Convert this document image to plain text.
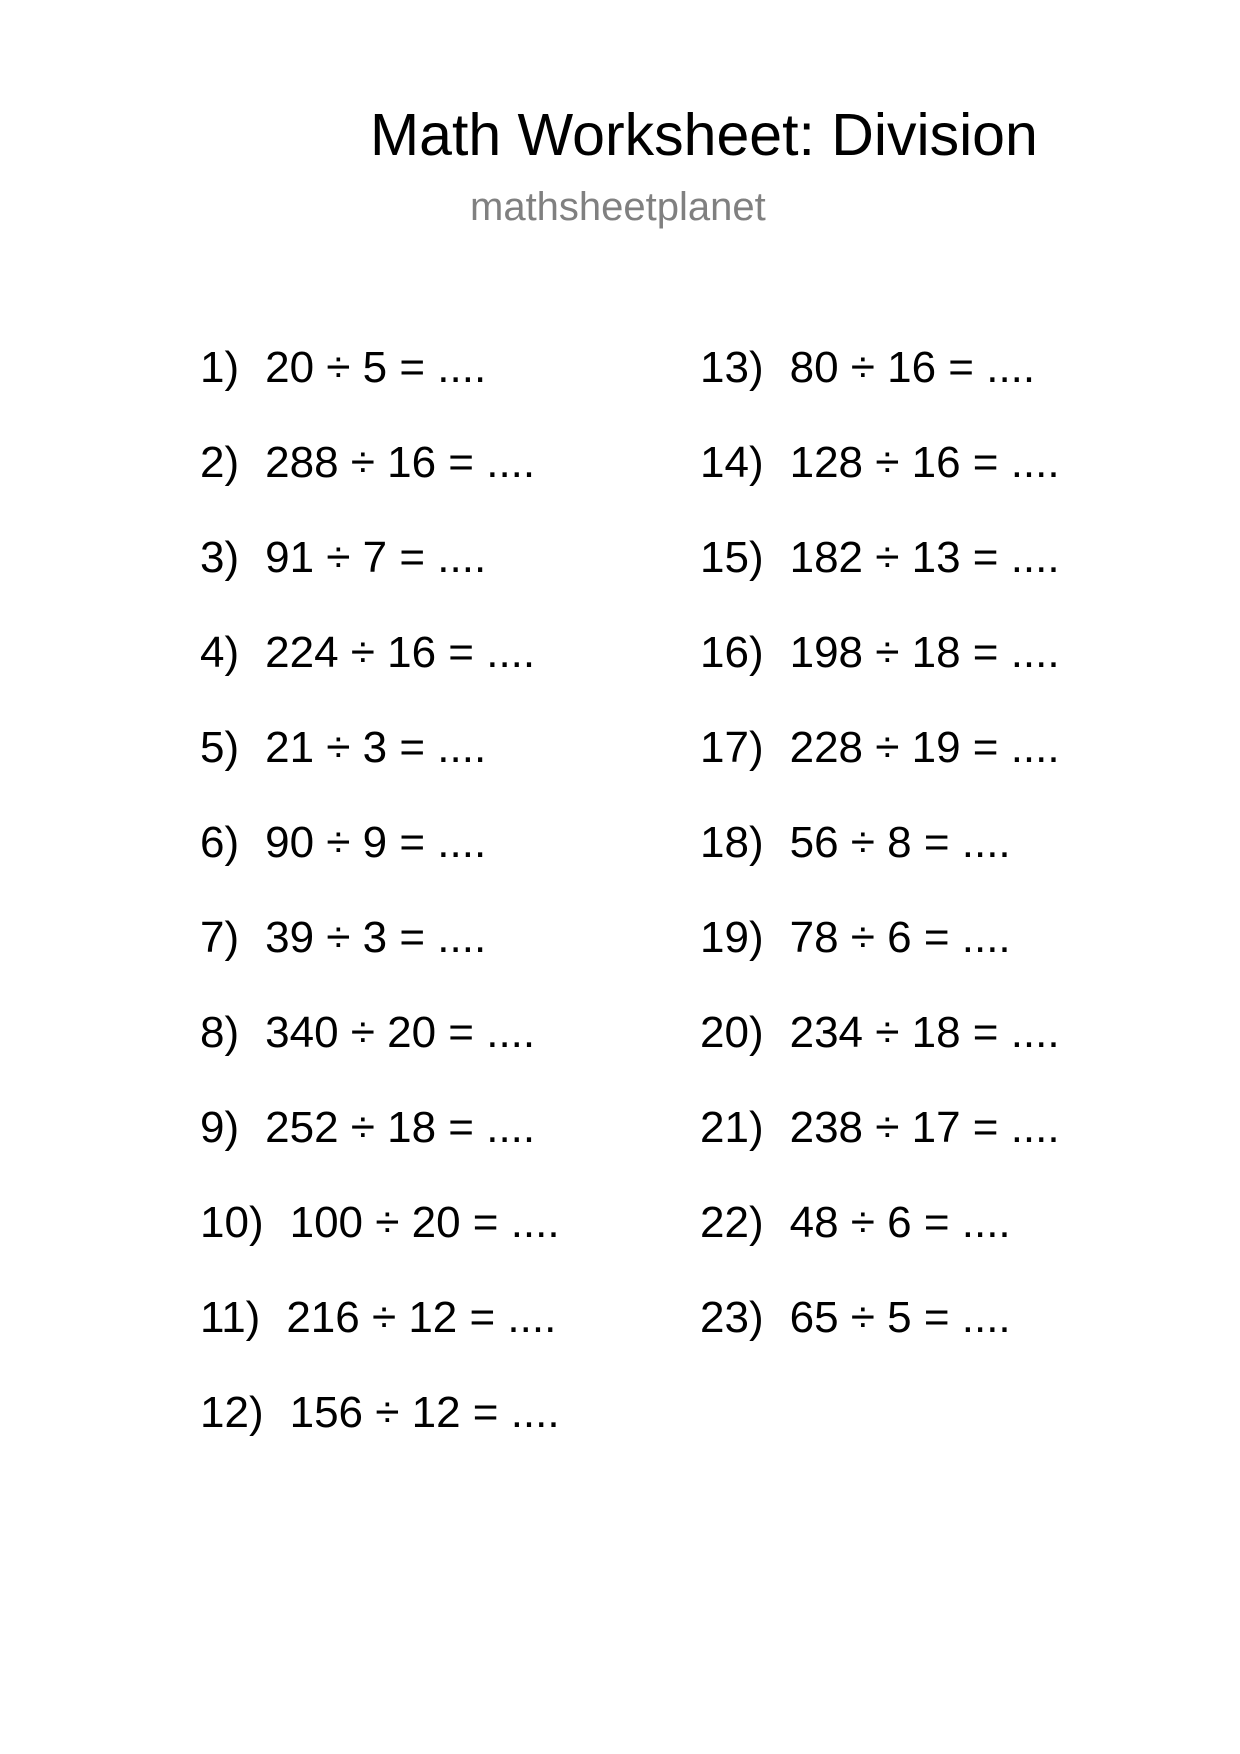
Math Worksheet: Division
mathsheetplanet
1) 20 ÷ 5 = ....
2) 288 ÷ 16 = ....
3) 91 ÷ 7 = ....
4) 224 ÷ 16 = ....
5) 21 ÷ 3 = ....
6) 90 ÷ 9 = ....
7) 39 ÷ 3 = ....
8) 340 ÷ 20 = ....
9) 252 ÷ 18 = ....
10) 100 ÷ 20 = ....
11) 216 ÷ 12 = ....
12) 156 ÷ 12 = ....
13) 80 ÷ 16 = ....
14) 128 ÷ 16 = ....
15) 182 ÷ 13 = ....
16) 198 ÷ 18 = ....
17) 228 ÷ 19 = ....
18) 56 ÷ 8 = ....
19) 78 ÷ 6 = ....
20) 234 ÷ 18 = ....
21) 238 ÷ 17 = ....
22) 48 ÷ 6 = ....
23) 65 ÷ 5 = ....
